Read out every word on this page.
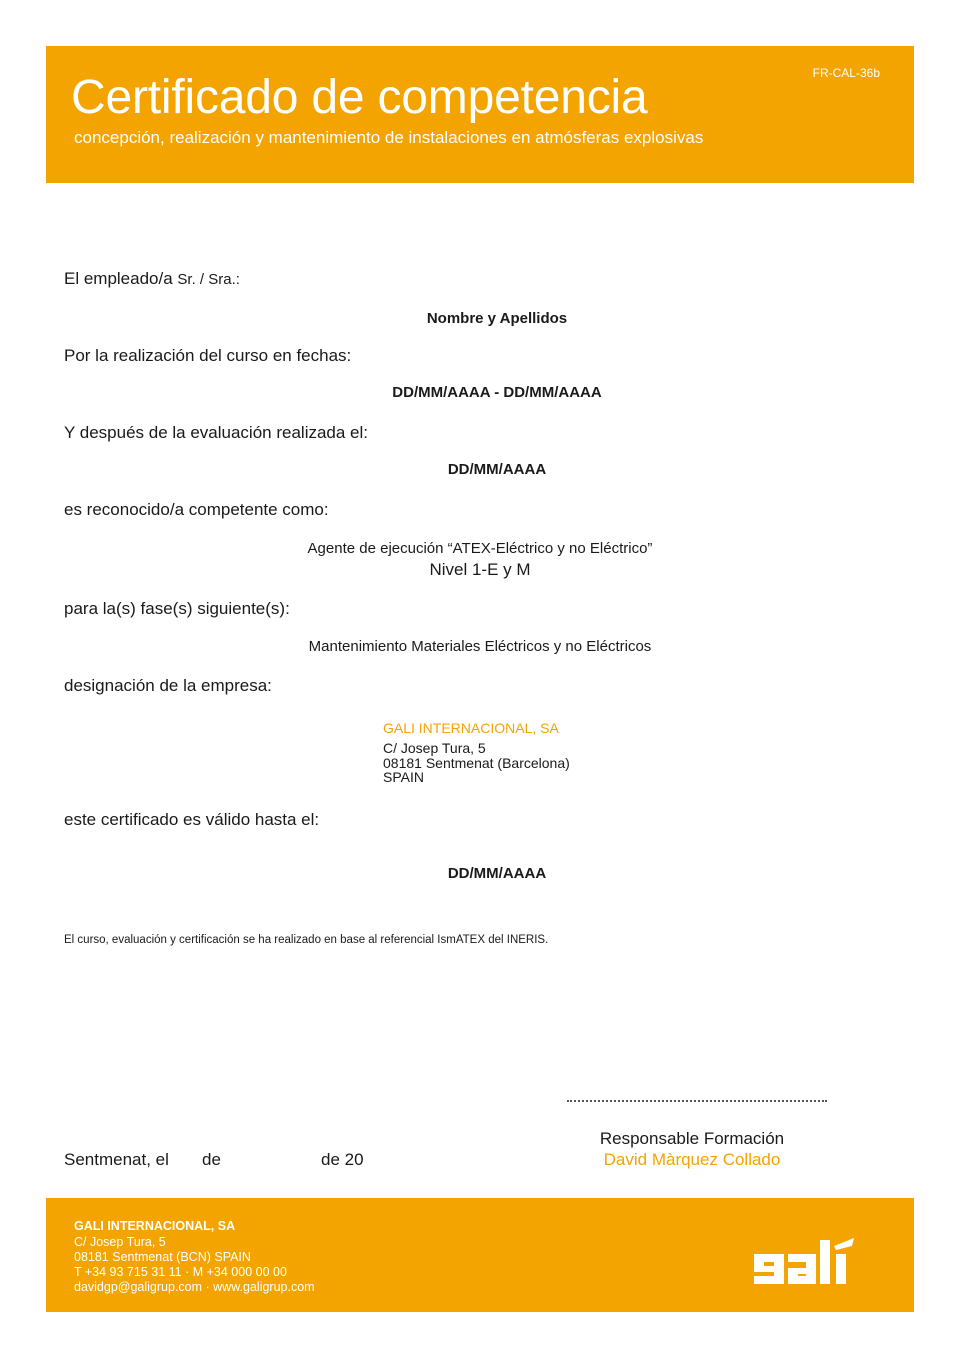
FR-CAL-36b
Certificado de competencia
concepción, realización y mantenimiento de instalaciones en atmósferas explosivas
El empleado/a Sr. / Sra.:
Nombre y Apellidos
Por la realización del curso en fechas:
DD/MM/AAAA - DD/MM/AAAA
Y después de la evaluación realizada el:
DD/MM/AAAA
es reconocido/a competente como:
Agente de ejecución “ATEX-Eléctrico y no Eléctrico”
Nivel 1-E y M
para la(s) fase(s) siguiente(s):
Mantenimiento Materiales Eléctricos y no Eléctricos
designación de la empresa:
GALI INTERNACIONAL, SA
C/ Josep Tura, 5
08181 Sentmenat (Barcelona)
SPAIN
este certificado es válido hasta el:
DD/MM/AAAA
El curso, evaluación y certificación se ha realizado en base al referencial IsmATEX del INERIS.
Responsable Formación
David Màrquez Collado
Sentmenat, el de	de 20
GALI INTERNACIONAL, SA
C/ Josep Tura, 5
08181 Sentmenat (BCN) SPAIN
T +34 93 715 31 11 · M +34 000 00 00
davidgp@galigrup.com · www.galigrup.com
